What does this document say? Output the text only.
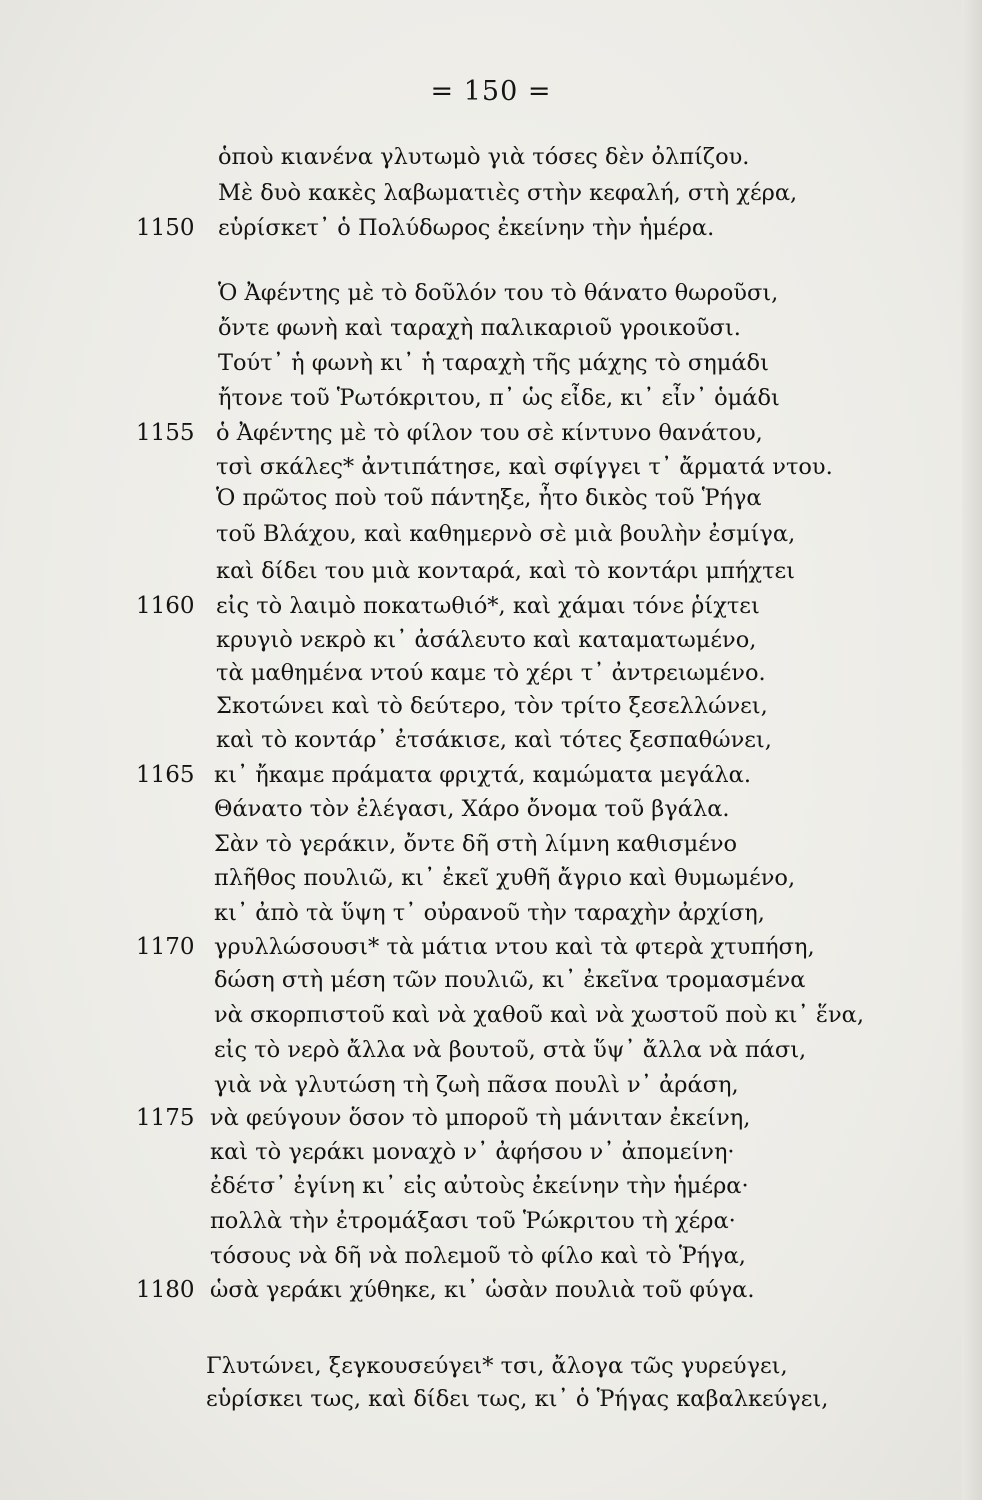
= 150 =
ὁποὺ κιανένα γλυτωμὸ γιὰ τόσες δὲν ὀλπίζου.
Μὲ δυὸ κακὲς λαβωματιὲς στὴν κεφαλή, στὴ χέρα,
1150	εὑρίσκετ᾽ ὁ Πολύδωρος ἐκείνην τὴν ἡμέρα.
Ὁ Ἀφέντης μὲ τὸ δοῦλόν του τὸ θάνατο θωροῦσι,
ὄντε φωνὴ καὶ ταραχὴ παλικαριοῦ γροικοῦσι.
Τούτ᾽ ἡ φωνὴ κι᾽ ἡ ταραχὴ τῆς μάχης τὸ σημάδι
ἤτονε τοῦ Ῥωτόκριτου, π᾽ ὡς εἶδε, κι᾽ εἶν᾽ ὁμάδι
1155 ὁ Ἀφέντης μὲ τὸ φίλον του σὲ κίντυνο θανάτου,
τσὶ σκάλες* ἀντιπάτησε, καὶ σφίγγει τ᾽ ἄρματά ντου.
Ὁ πρῶτος ποὺ τοῦ πάντηξε, ἦτο δικὸς τοῦ Ῥήγα
τοῦ Βλάχου, καὶ καθημερνὸ σὲ μιὰ βουλὴν ἐσμίγα,
καὶ δίδει του μιὰ κονταρά, καὶ τὸ κοντάρι μπήχτει
1160 εἰς τὸ λαιμὸ ποκατωθιό*, καὶ χάμαι τόνε ῥίχτει
κρυγιὸ νεκρὸ κι᾽ ἀσάλευτο καὶ καταματωμένο,
τὰ μαθημένα ντού καμε τὸ χέρι τ᾽ ἀντρειωμένο.
Σκοτώνει καὶ τὸ δεύτερο, τὸν τρίτο ξεσελλώνει,
καὶ τὸ κοντάρ᾽ ἐτσάκισε, καὶ τότες ξεσπαθώνει,
1165 κι᾽ ἤκαμε πράματα φριχτά, καμώματα μεγάλα.
Θάνατο τὸν ἐλέγασι, Χάρο ὄνομα τοῦ βγάλα.
Σὰν τὸ γεράκιν, ὄντε δῆ στὴ λίμνη καθισμένο
πλῆθος πουλιῶ, κι᾽ ἐκεῖ χυθῆ ἄγριο καὶ θυμωμένο,
κι᾽ ἀπὸ τὰ ὕψη τ᾽ οὐρανοῦ τὴν ταραχὴν ἀρχίση,
1170 γρυλλώσουσι* τὰ μάτια ντου καὶ τὰ φτερὰ χτυπήση,
δώση στὴ μέση τῶν πουλιῶ, κι᾽ ἐκεῖνα τρομασμένα
νὰ σκορπιστοῦ καὶ νὰ χαθοῦ καὶ νὰ χωστοῦ ποὺ κι᾽ ἕνα,
εἰς τὸ νερὸ ἄλλα νὰ βουτοῦ, στὰ ὕψ᾽ ἄλλα νὰ πάσι,
γιὰ νὰ γλυτώση τὴ ζωὴ πᾶσα πουλὶ ν᾽ ἀράση,
1175 νὰ φεύγουν ὅσον τὸ μποροῦ τὴ μάνιταν ἐκείνη,
καὶ τὸ γεράκι μοναχὸ ν᾽ ἀφήσου ν᾽ ἀπομείνη·
ἐδέτσ᾽ ἐγίνη κι᾽ εἰς αὐτοὺς ἐκείνην τὴν ἡμέρα·
πολλὰ τὴν ἐτρομάξασι τοῦ Ῥώκριτου τὴ χέρα·
τόσους νὰ δῆ νὰ πολεμοῦ τὸ φίλο καὶ τὸ Ῥήγα,
1180 ὡσὰ γεράκι χύθηκε, κι᾽ ὡσὰν πουλιὰ τοῦ φύγα.
Γλυτώνει, ξεγκουσεύγει* τσι, ἄλογα τῶς γυρεύγει,
εὑρίσκει τως, καὶ δίδει τως, κι᾽ ὁ Ῥήγας καβαλκεύγει,
